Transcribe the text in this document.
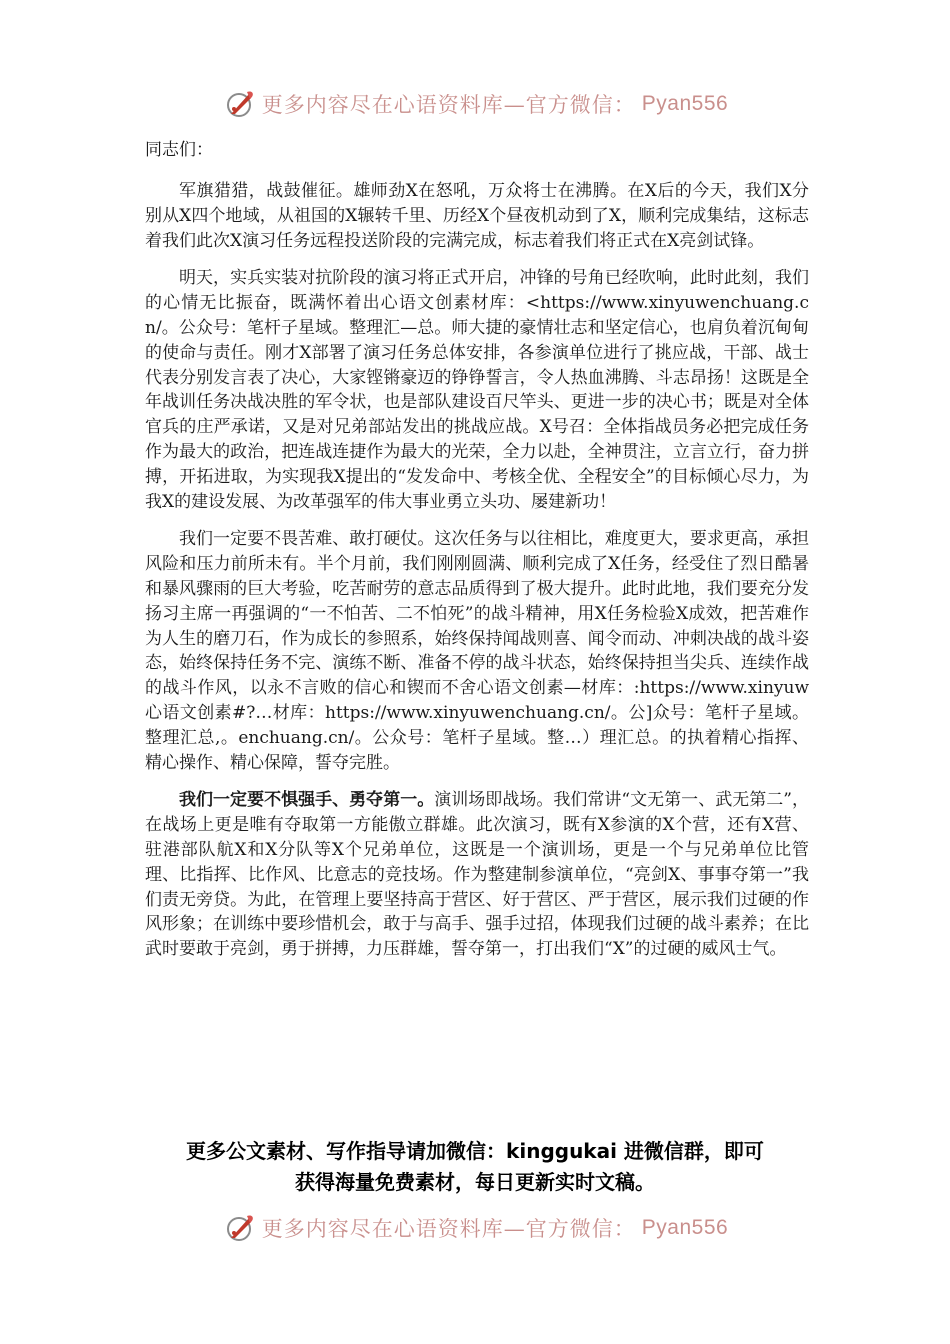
更多内容尽在心语资料库—官方微信： Pyan556

同志们：

军旗猎猎，战鼓催征。雄师劲X在怒吼，万众将士在沸腾。在X后的今天，我们X分别从X四个地域，从祖国的X辗转千里、历经X个昼夜机动到了X，顺利完成集结，这标志着我们此次X演习任务远程投送阶段的完满完成，标志着我们将正式在X亮剑试锋。

明天，实兵实装对抗阶段的演习将正式开启，冲锋的号角已经吹响，此时此刻，我们的心情无比振奋，既满怀着出心语文创素材库：<https://www.xinyuwenchuang.cn/。公众号：笔杆子星域。整理汇—总。师大捷的豪情壮志和坚定信心，也肩负着沉甸甸的使命与责任。刚才X部署了演习任务总体安排，各参演单位进行了挑应战，干部、战士代表分别发言表了决心，大家铿锵豪迈的铮铮誓言，令人热血沸腾、斗志昂扬！这既是全年战训任务决战决胜的军令状，也是部队建设百尺竿头、更进一步的决心书；既是对全体官兵的庄严承诺，又是对兄弟部站发出的挑战应战。X号召：全体指战员务必把完成任务作为最大的政治，把连战连捷作为最大的光荣，全力以赴，全神贯注，立言立行，奋力拼搏，开拓进取，为实现我X提出的“发发命中、考核全优、全程安全”的目标倾心尽力，为我X的建设发展、为改革强军的伟大事业勇立头功、屡建新功！

我们一定要不畏苦难、敢打硬仗。这次任务与以往相比，难度更大，要求更高，承担风险和压力前所未有。半个月前，我们刚刚圆满、顺利完成了X任务，经受住了烈日酷暑和暴风骤雨的巨大考验，吃苦耐劳的意志品质得到了极大提升。此时此地，我们要充分发扬习主席一再强调的“一不怕苦、二不怕死”的战斗精神，用X任务检验X成效，把苦难作为人生的磨刀石，作为成长的参照系，始终保持闻战则喜、闻令而动、冲刺决战的战斗姿态，始终保持任务不完、演练不断、准备不停的战斗状态，始终保持担当尖兵、连续作战的战斗作风，以永不言败的信心和锲而不舍心语文创素—材库：:https://www.xinyuw心语文创素#?…材库：https://www.xinyuwenchuang.cn/。公]众号：笔杆子星域。整理汇总,。enchuang.cn/。公众号：笔杆子星域。整…）理汇总。的执着精心指挥、精心操作、精心保障，誓夺完胜。

我们一定要不惧强手、勇夺第一。演训场即战场。我们常讲“文无第一、武无第二”，在战场上更是唯有夺取第一方能傲立群雄。此次演习，既有X参演的X个营，还有X营、驻港部队航X和X分队等X个兄弟单位，这既是一个演训场，更是一个与兄弟单位比管理、比指挥、比作风、比意志的竞技场。作为整建制参演单位，“亮剑X、事事夺第一”我们责无旁贷。为此，在管理上要坚持高于营区、好于营区、严于营区，展示我们过硬的作风形象；在训练中要珍惜机会，敢于与高手、强手过招，体现我们过硬的战斗素养；在比武时要敢于亮剑，勇于拼搏，力压群雄，誓夺第一，打出我们“X”的过硬的威风士气。

更多公文素材、写作指导请加微信：kinggukai 进微信群，即可
获得海量免费素材，每日更新实时文稿。
更多内容尽在心语资料库—官方微信： Pyan556
